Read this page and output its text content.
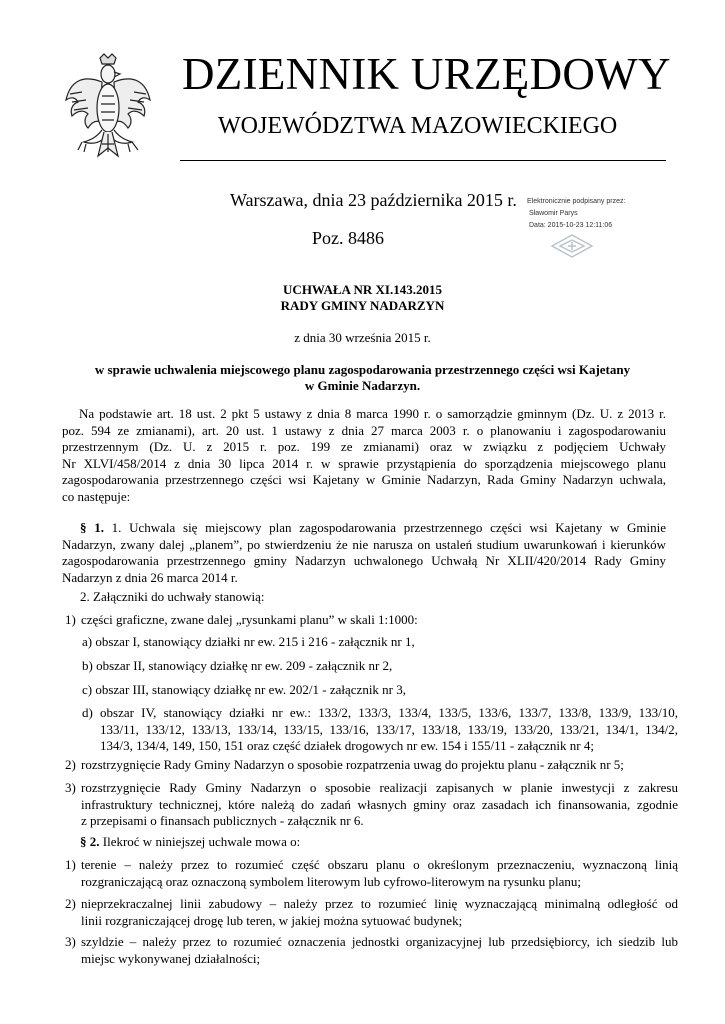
DZIENNIK URZĘDOWY
WOJEWÓDZTWA MAZOWIECKIEGO
Warszawa, dnia 23 października 2015 r.
Poz. 8486
Elektronicznie podpisany przez:
Sławomir Parys
Data: 2015-10-23 12:11:06
UCHWAŁA NR XI.143.2015
RADY GMINY NADARZYN
z dnia 30 września 2015 r.
w sprawie uchwalenia miejscowego planu zagospodarowania przestrzennego części wsi Kajetany
w Gminie Nadarzyn.
Na podstawie art. 18 ust. 2 pkt 5 ustawy z dnia 8 marca 1990 r. o samorządzie gminnym (Dz. U. z 2013 r.
poz. 594 ze zmianami), art. 20 ust. 1 ustawy z dnia 27 marca 2003 r. o planowaniu i zagospodarowaniu
przestrzennym (Dz. U. z 2015 r. poz. 199 ze zmianami) oraz w związku z podjęciem Uchwały
Nr XLVI/458/2014 z dnia 30 lipca 2014 r. w sprawie przystąpienia do sporządzenia miejscowego planu
zagospodarowania przestrzennego części wsi Kajetany w Gminie Nadarzyn, Rada Gminy Nadarzyn uchwala,
co następuje:
§ 1. 1. Uchwala się miejscowy plan zagospodarowania przestrzennego części wsi Kajetany w Gminie
Nadarzyn, zwany dalej „planem”, po stwierdzeniu że nie narusza on ustaleń studium uwarunkowań i kierunków
zagospodarowania przestrzennego gminy Nadarzyn uchwalonego Uchwałą Nr XLII/420/2014 Rady Gminy
Nadarzyn z dnia 26 marca 2014 r.
2. Załączniki do uchwały stanowią:
1) części graficzne, zwane dalej „rysunkami planu” w skali 1:1000:
a) obszar I, stanowiący działki nr ew. 215 i 216 - załącznik nr 1,
b) obszar II, stanowiący działkę nr ew. 209 - załącznik nr 2,
c) obszar III, stanowiący działkę nr ew. 202/1 - załącznik nr 3,
d) obszar IV, stanowiący działki nr ew.: 133/2, 133/3, 133/4, 133/5, 133/6, 133/7, 133/8, 133/9, 133/10,
133/11, 133/12, 133/13, 133/14, 133/15, 133/16, 133/17, 133/18, 133/19, 133/20, 133/21, 134/1, 134/2,
134/3, 134/4, 149, 150, 151 oraz część działek drogowych nr ew. 154 i 155/11 - załącznik nr 4;
2) rozstrzygnięcie Rady Gminy Nadarzyn o sposobie rozpatrzenia uwag do projektu planu - załącznik nr 5;
3) rozstrzygnięcie Rady Gminy Nadarzyn o sposobie realizacji zapisanych w planie inwestycji z zakresu
infrastruktury technicznej, które należą do zadań własnych gminy oraz zasadach ich finansowania, zgodnie
z przepisami o finansach publicznych - załącznik nr 6.
§ 2. Ilekroć w niniejszej uchwale mowa o:
1) terenie – należy przez to rozumieć część obszaru planu o określonym przeznaczeniu, wyznaczoną linią
rozgraniczającą oraz oznaczoną symbolem literowym lub cyfrowo-literowym na rysunku planu;
2) nieprzekraczalnej linii zabudowy – należy przez to rozumieć linię wyznaczającą minimalną odległość od
linii rozgraniczającej drogę lub teren, w jakiej można sytuować budynek;
3) szyldzie – należy przez to rozumieć oznaczenia jednostki organizacyjnej lub przedsiębiorcy, ich siedzib lub
miejsc wykonywanej działalności;
